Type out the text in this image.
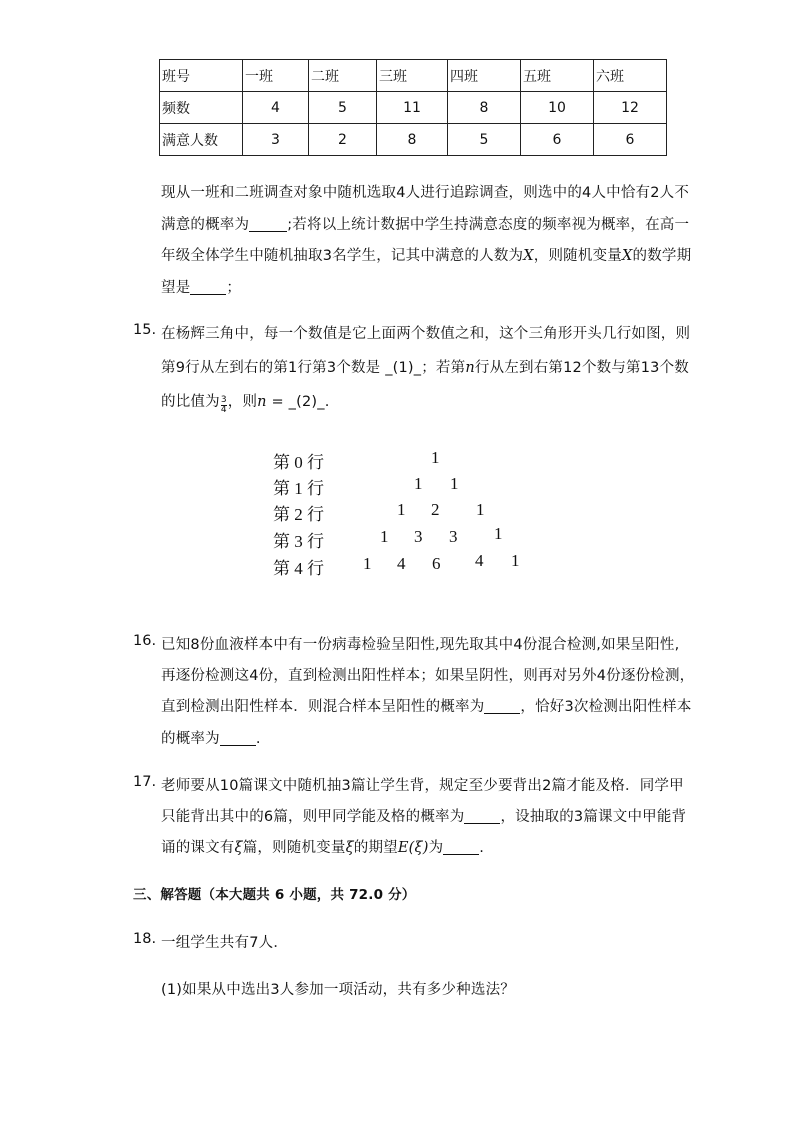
班号	一班	二班	三班	四班	五班	六班
频数	4	5	11	8	10	12
满意人数	3	2	8	5	6	6
现从一班和二班调查对象中随机选取4人进行追踪调查，则选中的4人中恰有2人不
满意的概率为	;若将以上统计数据中学生持满意态度的频率视为概率，在高一
年级全体学生中随机抽取3名学生，记其中满意的人数为X，则随机变量X的数学期
望是 ；
15. 在杨辉三角中，每一个数值是它上面两个数值之和，这个三角形开头几行如图，则
第9行从左到右的第1行第3个数是 _(1)_；若第n行从左到右第12个数与第13个数
的比值为 $\frac{3}{4}$ ，则n = _(2)_.
第 0 行
第 1 行
第 2 行
第 3 行
第 4 行
1
1 1
1 2 1
1 3 3 1
1 4 6 4 1
16. 已知8份血液样本中有一份病毒检验呈阳性,现先取其中4份混合检测,如果呈阳性,
再逐份检测这4份，直到检测出阳性样本；如果呈阴性，则再对另外4份逐份检测，
直到检测出阳性样本．则混合样本呈阳性的概率为 ，恰好3次检测出阳性样本
的概率为 .
17. 老师要从10篇课文中随机抽3篇让学生背，规定至少要背出2篇才能及格．同学甲
只能背出其中的6篇，则甲同学能及格的概率为 ，设抽取的3篇课文中甲能背
诵的课文有ξ篇，则随机变量ξ的期望E(ξ)为 .
三、解答题（本大题共 6 小题，共 72.0 分）
18. 一组学生共有7人．
(1)如果从中选出3人参加一项活动，共有多少种选法？
